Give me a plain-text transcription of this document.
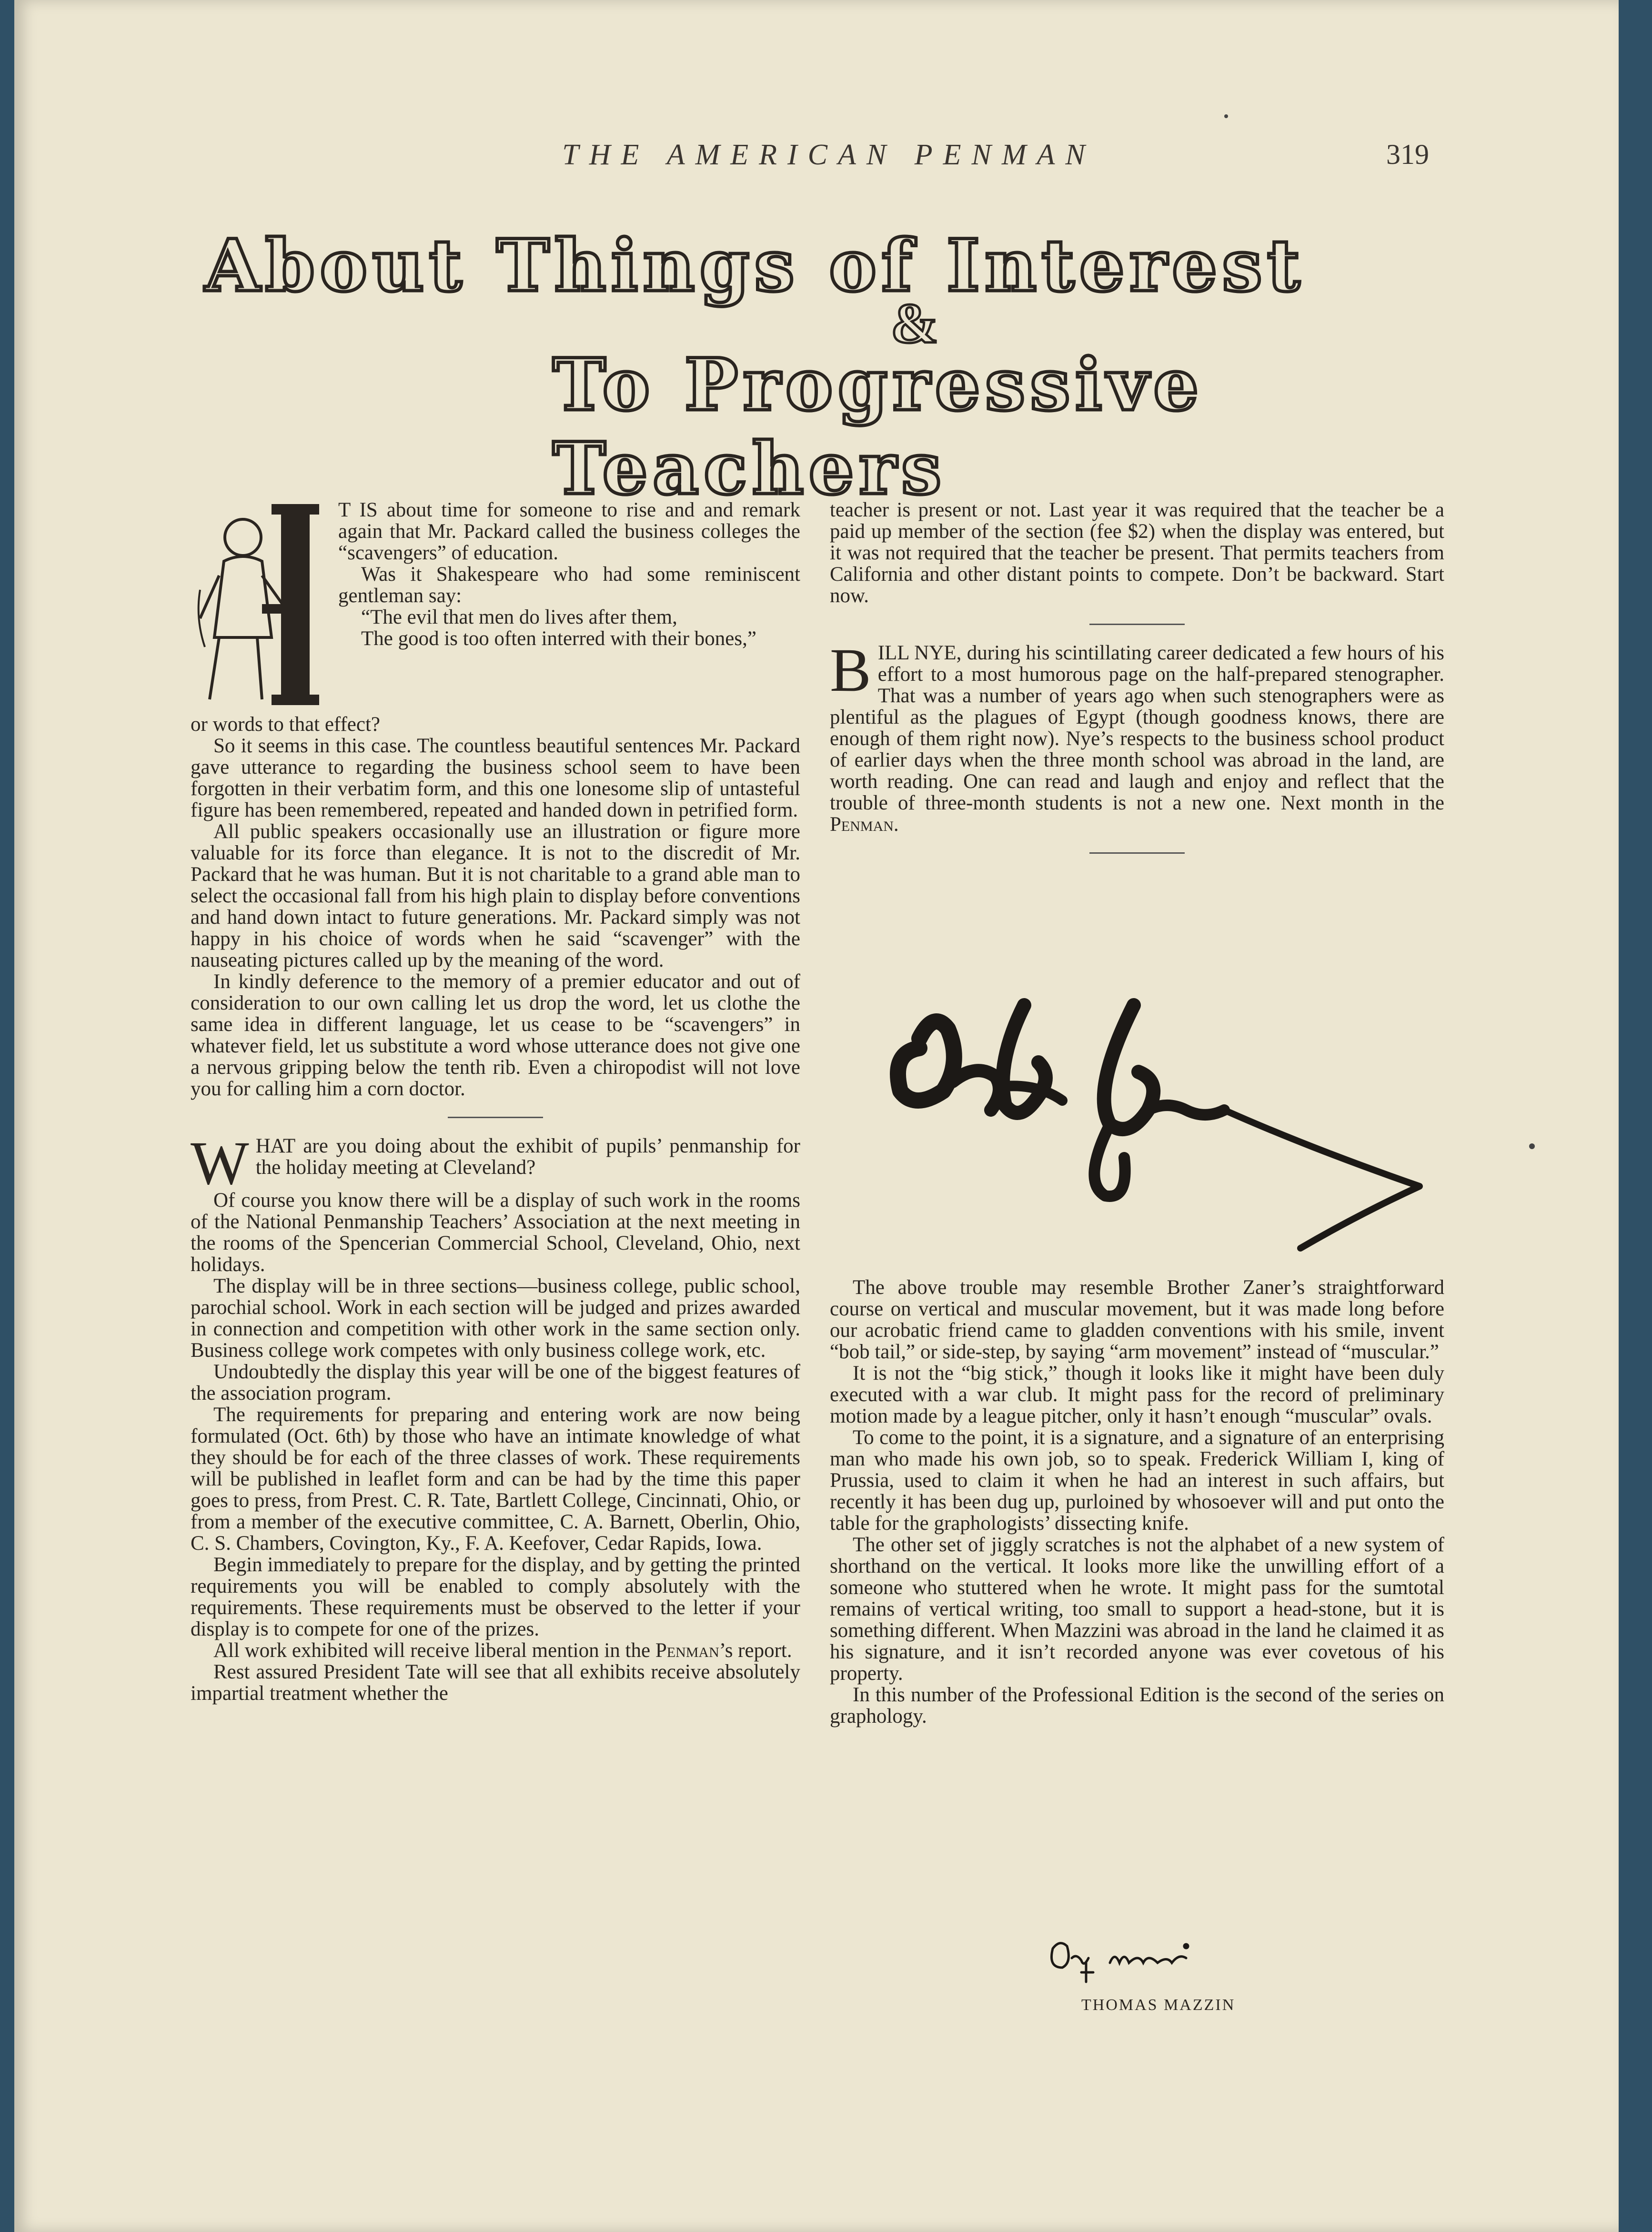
THE AMERICAN PENMAN	319
About Things of Interest
&
To Progressive Teachers

T IS about time for someone to rise and and remark again that Mr. Packard called the business colleges the “scavengers” of education.

Was it Shakespeare who had some reminiscent gentleman say:

“The evil that men do lives after them,

The good is too often interred with their bones,”

or words to that effect?

So it seems in this case. The countless beautiful sentences Mr. Packard gave utterance to regarding the business school seem to have been forgotten in their verbatim form, and this one lonesome slip of untasteful figure has been remembered, repeated and handed down in petrified form.

All public speakers occasionally use an illustration or figure more valuable for its force than elegance. It is not to the discredit of Mr. Packard that he was human. But it is not charitable to a grand able man to select the occasional fall from his high plain to display before conventions and hand down intact to future generations. Mr. Packard simply was not happy in his choice of words when he said “scavenger” with the nauseating pictures called up by the meaning of the word.

In kindly deference to the memory of a premier educator and out of consideration to our own calling let us drop the word, let us clothe the same idea in different language, let us cease to be “scavengers” in whatever field, let us substitute a word whose utterance does not give one a nervous gripping below the tenth rib. Even a chiropodist will not love you for calling him a corn doctor.

W HAT are you doing about the exhibit of pupils’ penmanship for the holiday meeting at Cleveland?

Of course you know there will be a display of such work in the rooms of the National Penmanship Teachers’ Association at the next meeting in the rooms of the Spencerian Commercial School, Cleveland, Ohio, next holidays.

The display will be in three sections—business college, public school, parochial school. Work in each section will be judged and prizes awarded in connection and competition with other work in the same section only. Business college work competes with only business college work, etc.

Undoubtedly the display this year will be one of the biggest features of the association program.

The requirements for preparing and entering work are now being formulated (Oct. 6th) by those who have an intimate knowledge of what they should be for each of the three classes of work. These requirements will be published in leaflet form and can be had by the time this paper goes to press, from Prest. C. R. Tate, Bartlett College, Cincinnati, Ohio, or from a member of the executive committee, C. A. Barnett, Oberlin, Ohio, C. S. Chambers, Covington, Ky., F. A. Keefover, Cedar Rapids, Iowa.

Begin immediately to prepare for the display, and by getting the printed requirements you will be enabled to comply absolutely with the requirements. These requirements must be observed to the letter if your display is to compete for one of the prizes.

All work exhibited will receive liberal mention in the Penman’s report.

Rest assured President Tate will see that all exhibits receive absolutely impartial treatment whether the

teacher is present or not. Last year it was required that the teacher be a paid up member of the section (fee $2) when the display was entered, but it was not required that the teacher be present. That permits teachers from California and other distant points to compete. Don’t be backward. Start now.

B ILL NYE, during his scintillating career dedicated a few hours of his effort to a most humorous page on the half-prepared stenographer. That was a number of years ago when such stenographers were as plentiful as the plagues of Egypt (though goodness knows, there are enough of them right now). Nye’s respects to the business school product of earlier days when the three month school was abroad in the land, are worth reading. One can read and laugh and enjoy and reflect that the trouble of three-month students is not a new one. Next month in the Penman.

The above trouble may resemble Brother Zaner’s straightforward course on vertical and muscular movement, but it was made long before our acrobatic friend came to gladden conventions with his smile, invent “bob tail,” or side-step, by saying “arm movement” instead of “muscular.”

It is not the “big stick,” though it looks like it might have been duly executed with a war club. It might pass for the record of preliminary motion made by a league pitcher, only it hasn’t enough “muscular” ovals.

To come to the point, it is a signature, and a signature of an enterprising man who made his own job, so to speak. Frederick William I, king of Prussia, used to claim it when he had an interest in such affairs, but recently it has been dug up, purloined by whosoever will and put onto the table for the graphologists’ dissecting knife.

The other set of jiggly scratches is not the alphabet of a new system of shorthand on the vertical. It looks more like the unwilling effort of a someone who stuttered when he wrote. It might pass for the sumtotal remains of vertical writing, too small to support a head-stone, but it is something different. When Mazzini was abroad in the land he claimed it as his signature, and it isn’t recorded anyone was ever covetous of his property.

In this number of the Professional Edition is the second of the series on graphology.

THOMAS MAZZIN
